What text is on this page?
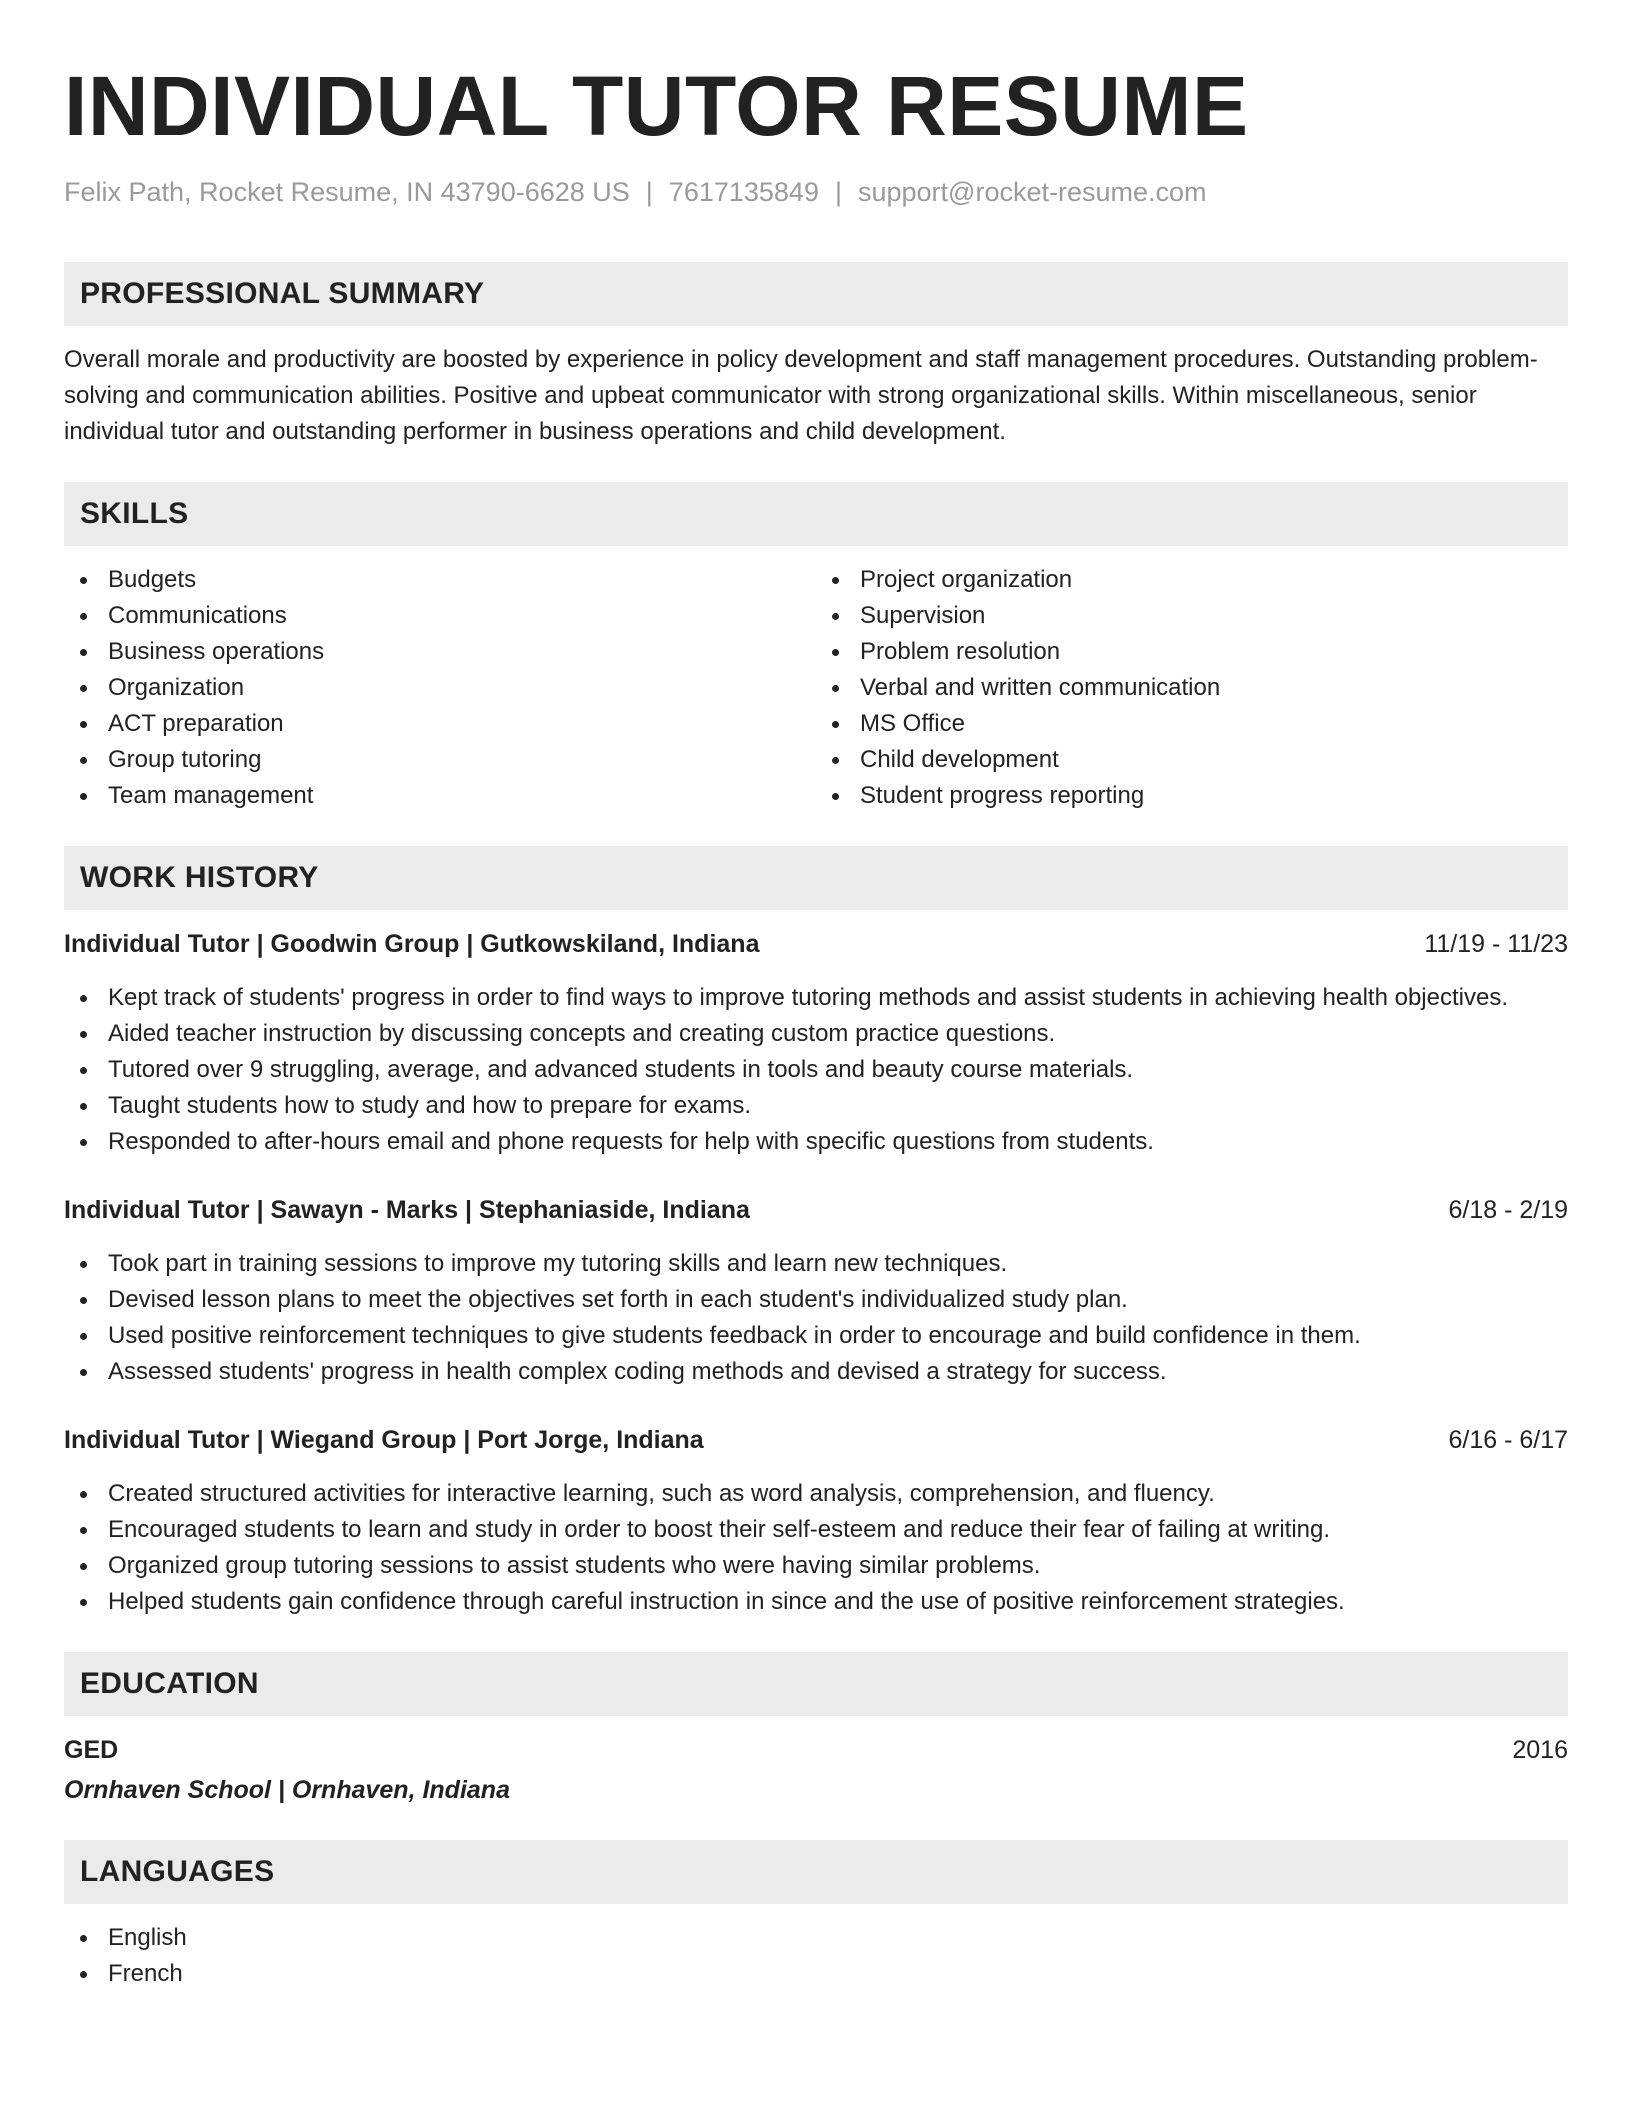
INDIVIDUAL TUTOR RESUME
Felix Path, Rocket Resume, IN 43790-6628 US | 7617135849 | support@rocket-resume.com
PROFESSIONAL SUMMARY

Overall morale and productivity are boosted by experience in policy development and staff management procedures. Outstanding problem-solving and communication abilities. Positive and upbeat communicator with strong organizational skills. Within miscellaneous, senior individual tutor and outstanding performer in business operations and child development.

SKILLS
Budgets
Communications
Business operations
Organization
ACT preparation
Group tutoring
Team management
Project organization
Supervision
Problem resolution
Verbal and written communication
MS Office
Child development
Student progress reporting
WORK HISTORY
Individual Tutor | Goodwin Group | Gutkowskiland, Indiana	11/19 - 11/23
Kept track of students' progress in order to find ways to improve tutoring methods and assist students in achieving health objectives.
Aided teacher instruction by discussing concepts and creating custom practice questions.
Tutored over 9 struggling, average, and advanced students in tools and beauty course materials.
Taught students how to study and how to prepare for exams.
Responded to after-hours email and phone requests for help with specific questions from students.
Individual Tutor | Sawayn - Marks | Stephaniaside, Indiana	6/18 - 2/19
Took part in training sessions to improve my tutoring skills and learn new techniques.
Devised lesson plans to meet the objectives set forth in each student's individualized study plan.
Used positive reinforcement techniques to give students feedback in order to encourage and build confidence in them.
Assessed students' progress in health complex coding methods and devised a strategy for success.
Individual Tutor | Wiegand Group | Port Jorge, Indiana	6/16 - 6/17
Created structured activities for interactive learning, such as word analysis, comprehension, and fluency.
Encouraged students to learn and study in order to boost their self-esteem and reduce their fear of failing at writing.
Organized group tutoring sessions to assist students who were having similar problems.
Helped students gain confidence through careful instruction in since and the use of positive reinforcement strategies.
EDUCATION
GED	2016
Ornhaven School | Ornhaven, Indiana
LANGUAGES
English
French
